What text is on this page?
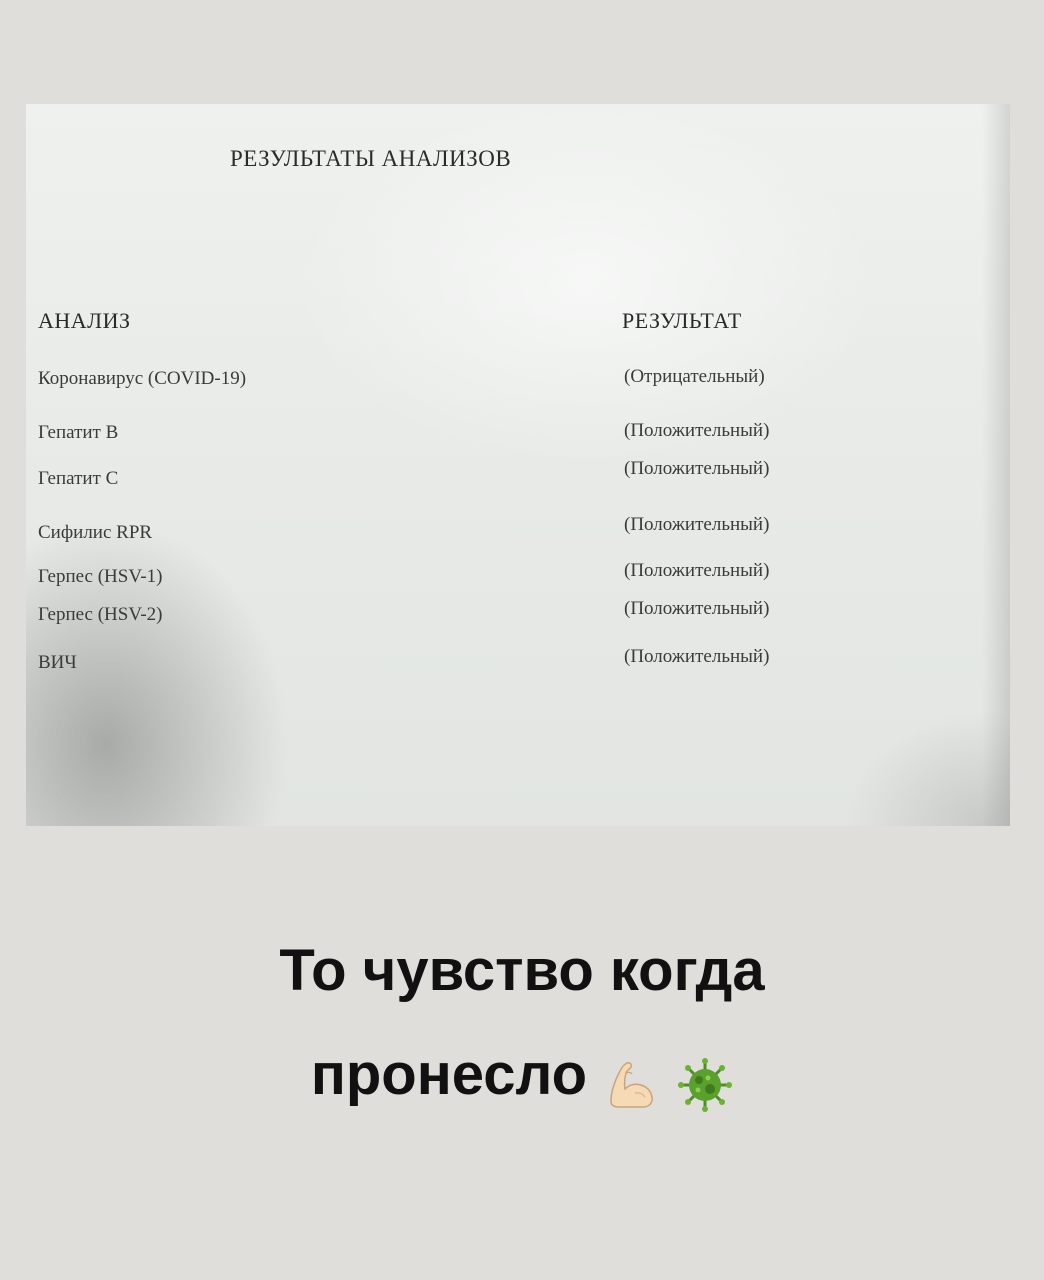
РЕЗУЛЬТАТЫ АНАЛИЗОВ
АНАЛИЗ	РЕЗУЛЬТАТ
Коронавирус (COVID-19)	(Отрицательный)
Гепатит В	(Положительный)
Гепатит С	(Положительный)
Сифилис RPR	(Положительный)
Герпес (HSV-1)	(Положительный)
Герпес (HSV-2)	(Положительный)
ВИЧ	(Положительный)
То чувство когда
пронесло
